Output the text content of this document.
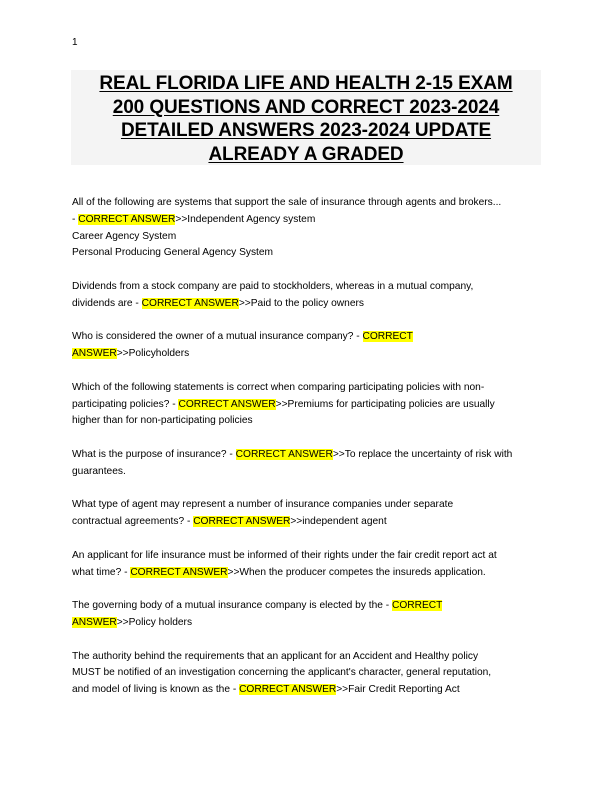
1
REAL FLORIDA LIFE AND HEALTH 2-15 EXAM
200 QUESTIONS AND CORRECT 2023-2024
DETAILED ANSWERS 2023-2024 UPDATE
ALREADY A GRADED

All of the following are systems that support the sale of insurance through agents and brokers...
- CORRECT ANSWER>>Independent Agency system
Career Agency System
Personal Producing General Agency System

Dividends from a stock company are paid to stockholders, whereas in a mutual company,
dividends are - CORRECT ANSWER>>Paid to the policy owners

Who is considered the owner of a mutual insurance company? - CORRECT
ANSWER>>Policyholders

Which of the following statements is correct when comparing participating policies with non-
participating policies? - CORRECT ANSWER>>Premiums for participating policies are usually
higher than for non-participating policies

What is the purpose of insurance? - CORRECT ANSWER>>To replace the uncertainty of risk with
guarantees.

What type of agent may represent a number of insurance companies under separate
contractual agreements? - CORRECT ANSWER>>independent agent

An applicant for life insurance must be informed of their rights under the fair credit report act at
what time? - CORRECT ANSWER>>When the producer competes the insureds application.

The governing body of a mutual insurance company is elected by the - CORRECT
ANSWER>>Policy holders

The authority behind the requirements that an applicant for an Accident and Healthy policy
MUST be notified of an investigation concerning the applicant's character, general reputation,
and model of living is known as the - CORRECT ANSWER>>Fair Credit Reporting Act
